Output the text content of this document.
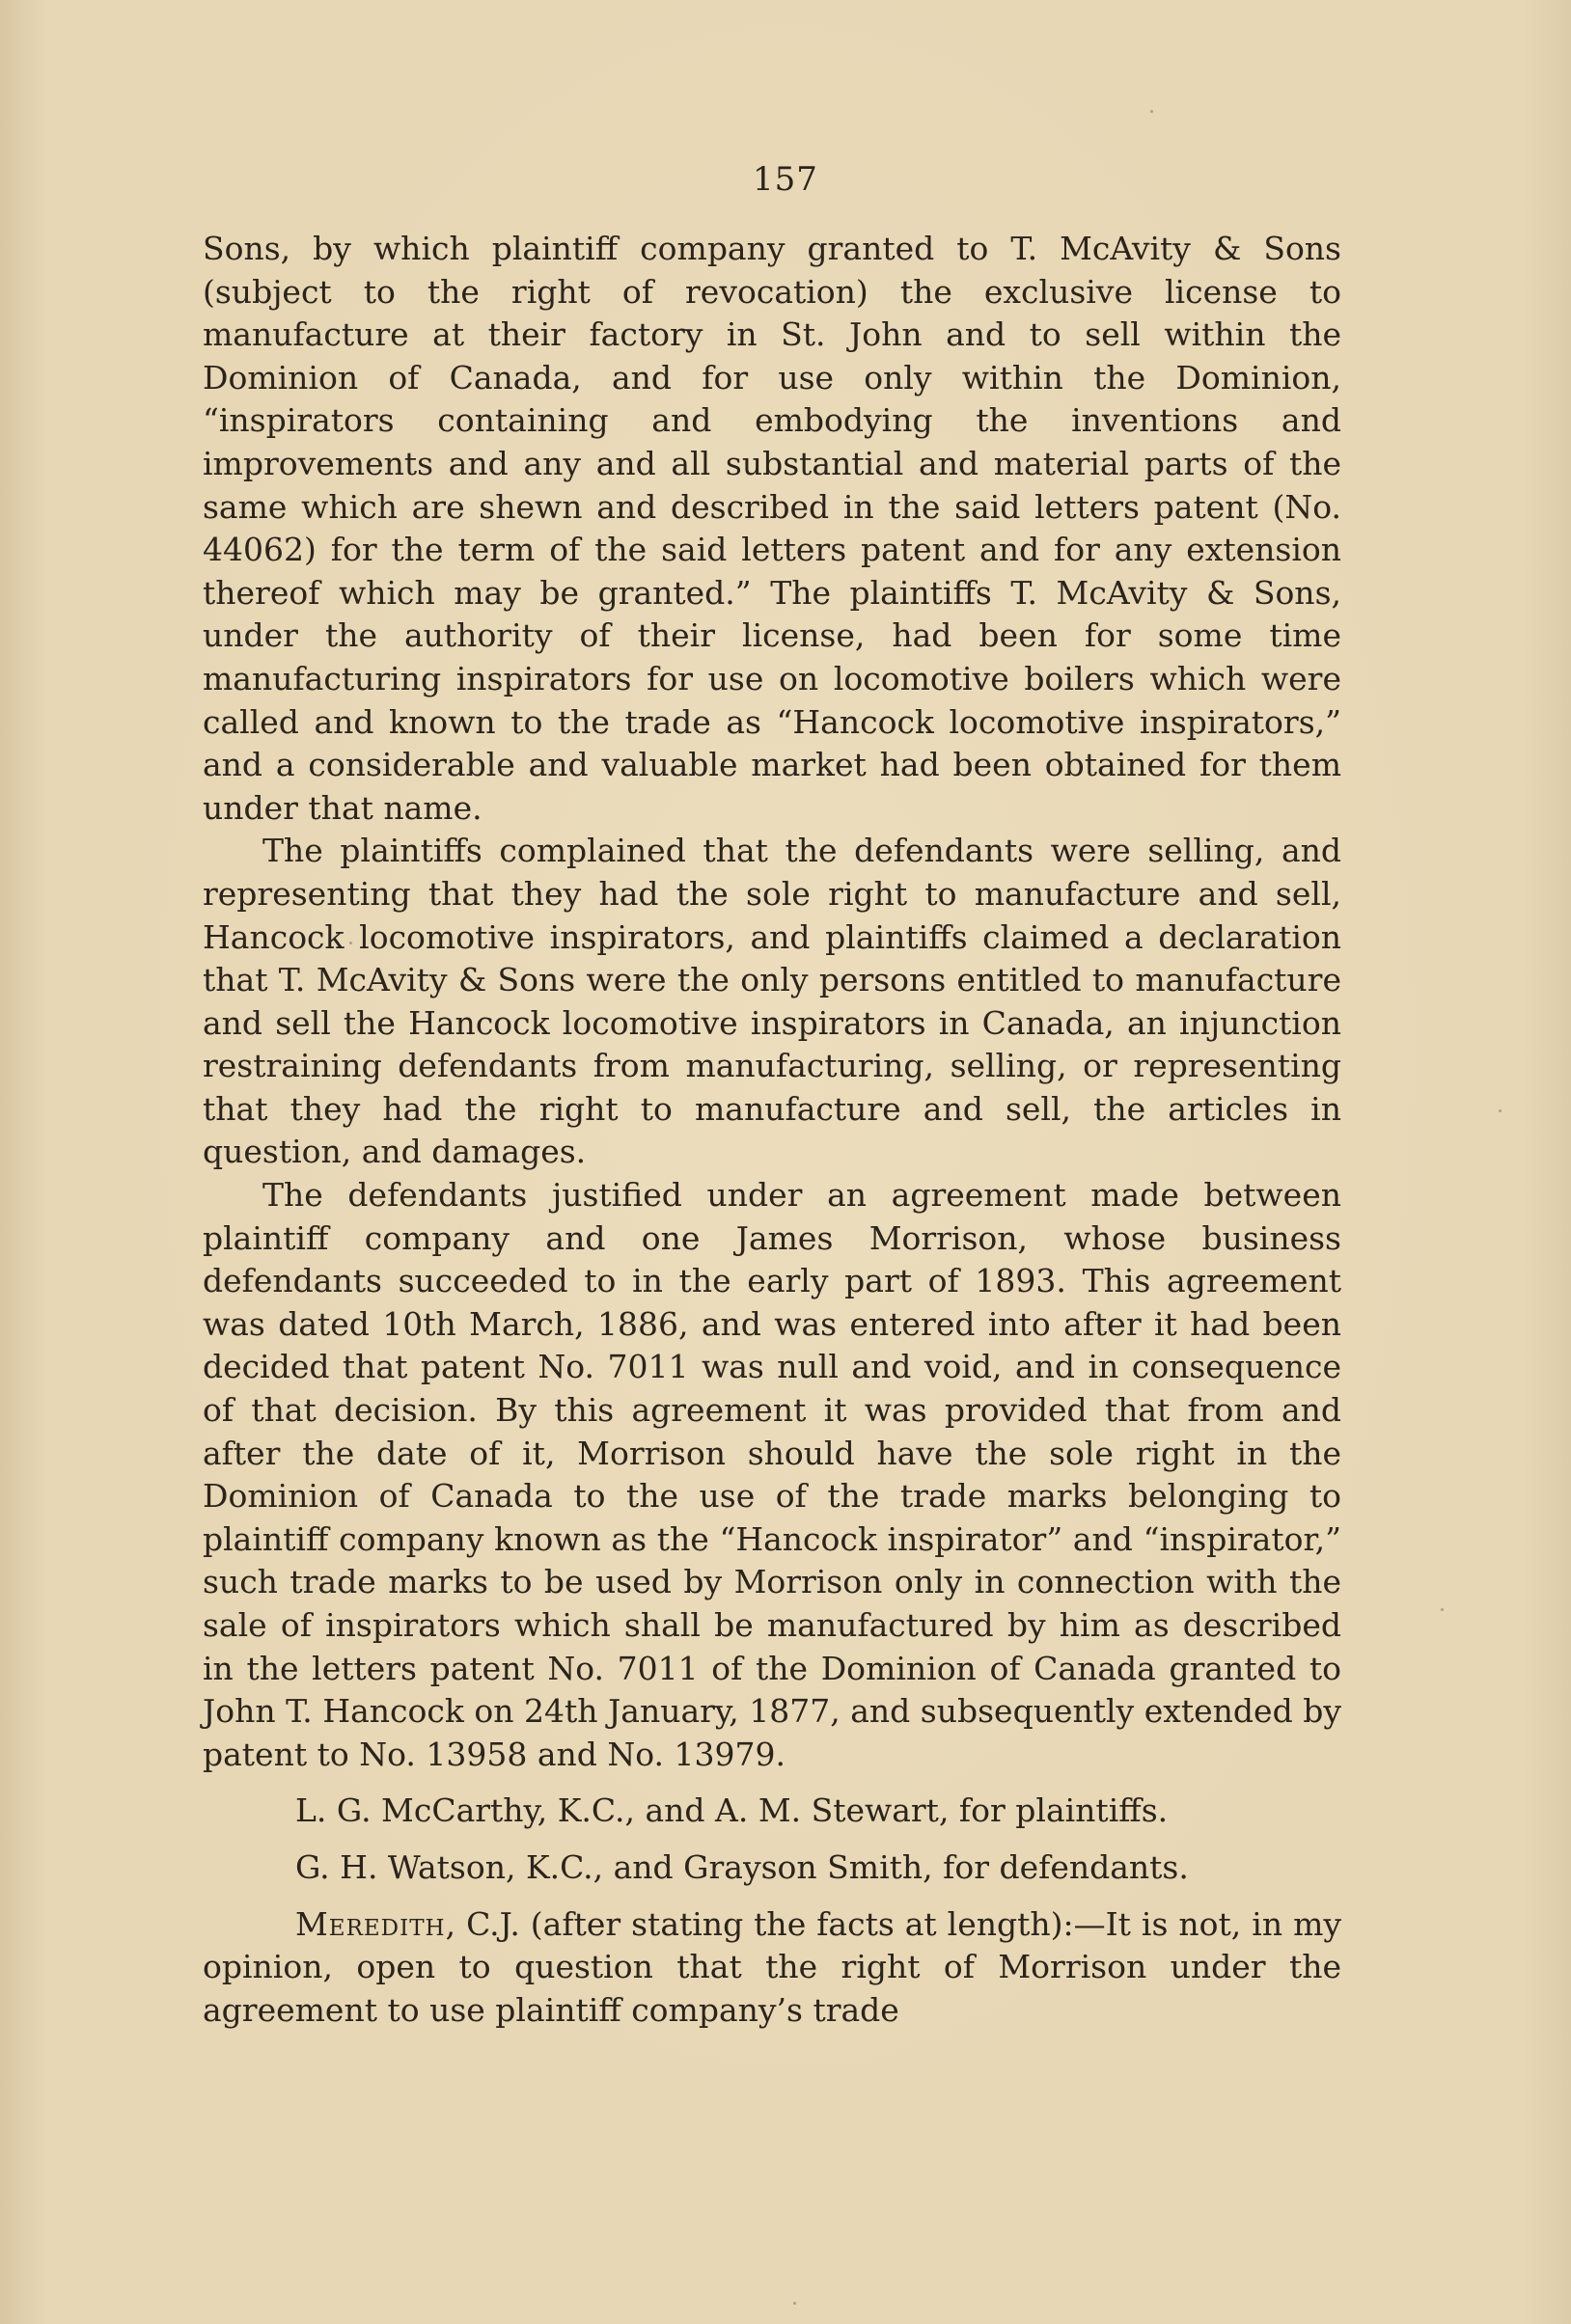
157

Sons, by which plaintiff company granted to T. McAvity & Sons (subject to the right of revocation) the exclusive license to manufacture at their factory in St. John and to sell within the Dominion of Canada, and for use only within the Dominion, “inspirators containing and embodying the inventions and improvements and any and all substantial and material parts of the same which are shewn and described in the said letters patent (No. 44062) for the term of the said letters patent and for any extension thereof which may be granted.” The plaintiffs T. McAvity & Sons, under the authority of their license, had been for some time manufacturing inspirators for use on locomotive boilers which were called and known to the trade as “Hancock locomotive inspirators,” and a considerable and valuable market had been obtained for them under that name.

The plaintiffs complained that the defendants were selling, and representing that they had the sole right to manufacture and sell, Hancock locomotive inspirators, and plaintiffs claimed a declaration that T. McAvity & Sons were the only persons entitled to manufacture and sell the Hancock locomotive inspirators in Canada, an injunction restraining defendants from manufacturing, selling, or representing that they had the right to manufacture and sell, the articles in question, and damages.

The defendants justified under an agreement made between plaintiff company and one James Morrison, whose business defendants succeeded to in the early part of 1893. This agreement was dated 10th March, 1886, and was entered into after it had been decided that patent No. 7011 was null and void, and in consequence of that decision. By this agreement it was provided that from and after the date of it, Morrison should have the sole right in the Dominion of Canada to the use of the trade marks belonging to plaintiff company known as the “Hancock inspirator” and “inspirator,” such trade marks to be used by Morrison only in connection with the sale of inspirators which shall be manufactured by him as described in the letters patent No. 7011 of the Dominion of Canada granted to John T. Hancock on 24th January, 1877, and subsequently extended by patent to No. 13958 and No. 13979.

L. G. McCarthy, K.C., and A. M. Stewart, for plaintiffs.

G. H. Watson, K.C., and Grayson Smith, for defendants.

Meredith, C.J. (after stating the facts at length):—It is not, in my opinion, open to question that the right of Morrison under the agreement to use plaintiff company’s trade
